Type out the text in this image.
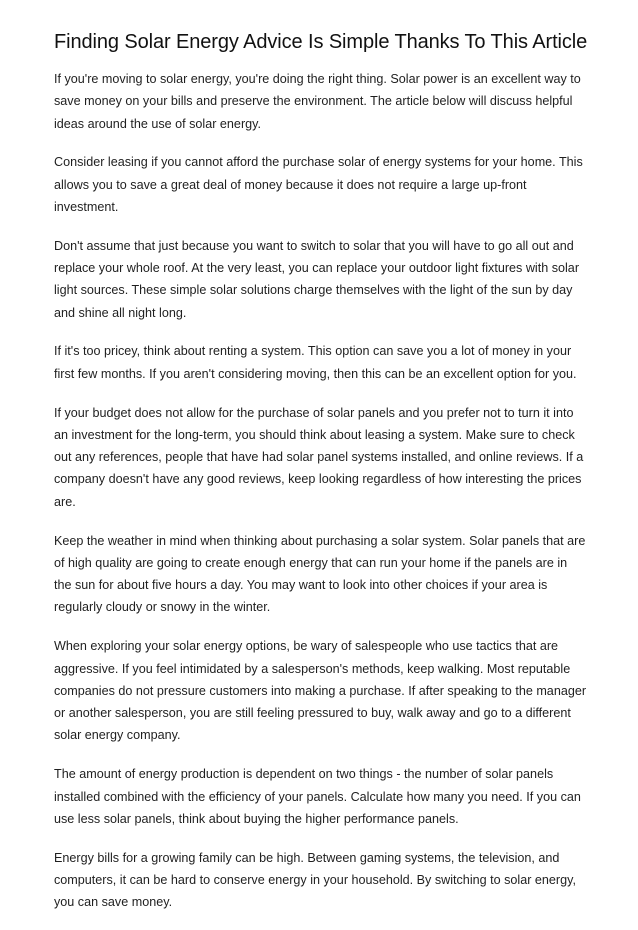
Finding Solar Energy Advice Is Simple Thanks To This Article

If you're moving to solar energy, you're doing the right thing. Solar power is an excellent way to save money on your bills and preserve the environment. The article below will discuss helpful ideas around the use of solar energy.

Consider leasing if you cannot afford the purchase solar of energy systems for your home. This allows you to save a great deal of money because it does not require a large up-front investment.

Don't assume that just because you want to switch to solar that you will have to go all out and replace your whole roof. At the very least, you can replace your outdoor light fixtures with solar light sources. These simple solar solutions charge themselves with the light of the sun by day and shine all night long.

If it's too pricey, think about renting a system. This option can save you a lot of money in your first few months. If you aren't considering moving, then this can be an excellent option for you.

If your budget does not allow for the purchase of solar panels and you prefer not to turn it into an investment for the long-term, you should think about leasing a system. Make sure to check out any references, people that have had solar panel systems installed, and online reviews. If a company doesn't have any good reviews, keep looking regardless of how interesting the prices are.

Keep the weather in mind when thinking about purchasing a solar system. Solar panels that are of high quality are going to create enough energy that can run your home if the panels are in the sun for about five hours a day. You may want to look into other choices if your area is regularly cloudy or snowy in the winter.

When exploring your solar energy options, be wary of salespeople who use tactics that are aggressive. If you feel intimidated by a salesperson's methods, keep walking. Most reputable companies do not pressure customers into making a purchase. If after speaking to the manager or another salesperson, you are still feeling pressured to buy, walk away and go to a different solar energy company.

The amount of energy production is dependent on two things - the number of solar panels installed combined with the efficiency of your panels. Calculate how many you need. If you can use less solar panels, think about buying the higher performance panels.

Energy bills for a growing family can be high. Between gaming systems, the television, and computers, it can be hard to conserve energy in your household. By switching to solar energy, you can save money.
